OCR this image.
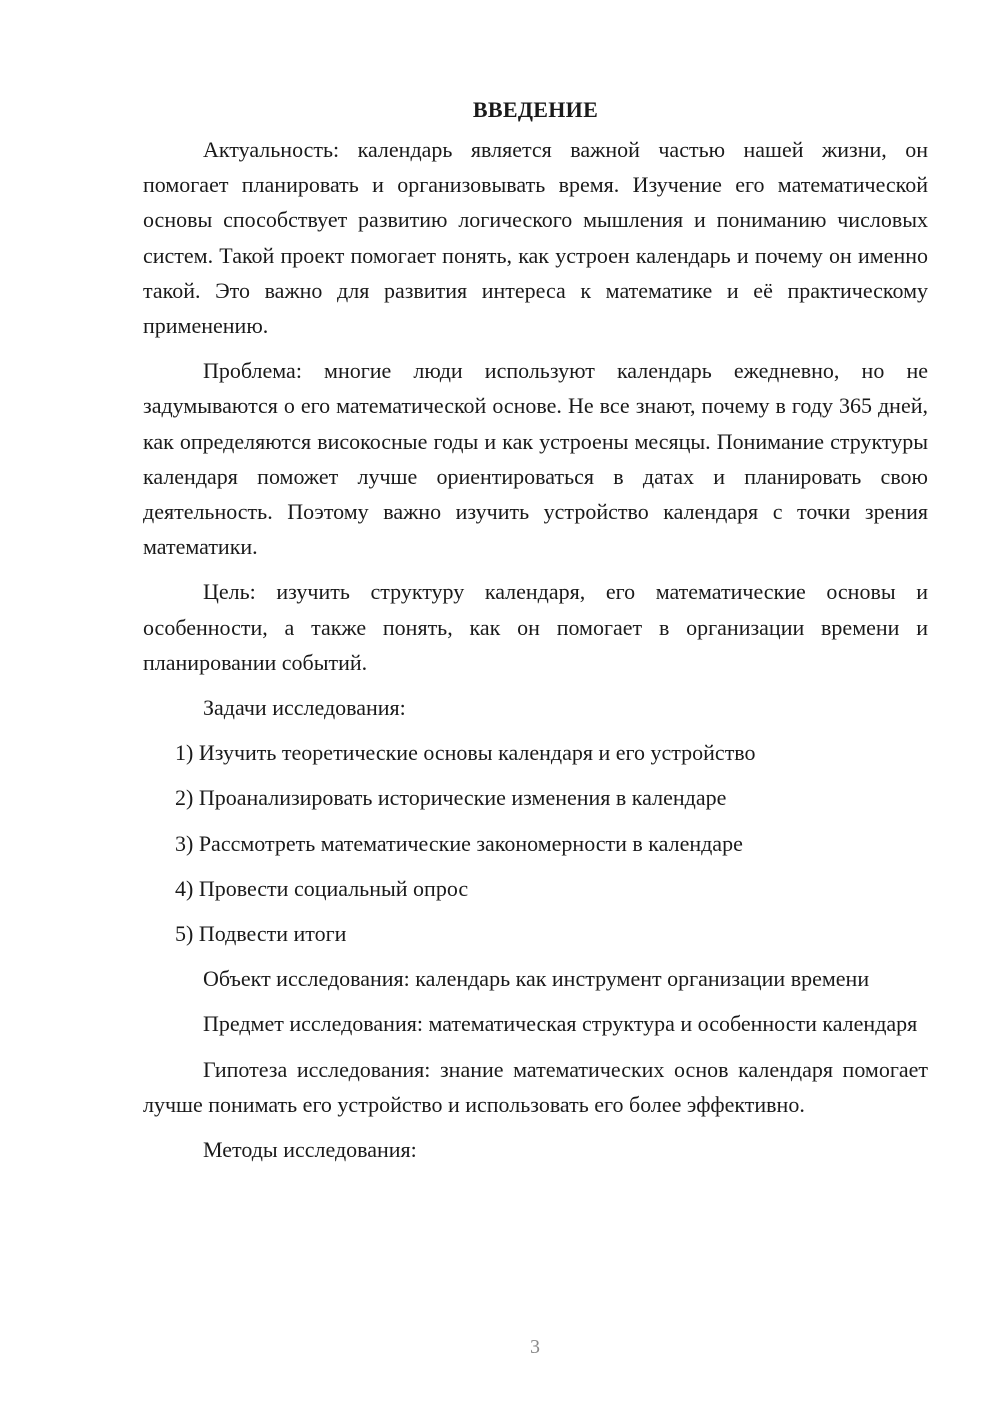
ВВЕДЕНИЕ

Актуальность: календарь является важной частью нашей жизни, он помогает планировать и организовывать время. Изучение его математической основы способствует развитию логического мышления и пониманию числовых систем. Такой проект помогает понять, как устроен календарь и почему он именно такой. Это важно для развития интереса к математике и её практическому применению.

Проблема: многие люди используют календарь ежедневно, но не задумываются о его математической основе. Не все знают, почему в году 365 дней, как определяются високосные годы и как устроены месяцы. Понимание структуры календаря поможет лучше ориентироваться в датах и планировать свою деятельность. Поэтому важно изучить устройство календаря с точки зрения математики.

Цель: изучить структуру календаря, его математические основы и особенности, а также понять, как он помогает в организации времени и планировании событий.

Задачи исследования:
1) Изучить теоретические основы календаря и его устройство
2) Проанализировать исторические изменения в календаре
3) Рассмотреть математические закономерности в календаре
4) Провести социальный опрос
5) Подвести итоги

Объект исследования: календарь как инструмент организации времени

Предмет исследования: математическая структура и особенности календаря

Гипотеза исследования: знание математических основ календаря помогает лучше понимать его устройство и использовать его более эффективно.

Методы исследования:
3
